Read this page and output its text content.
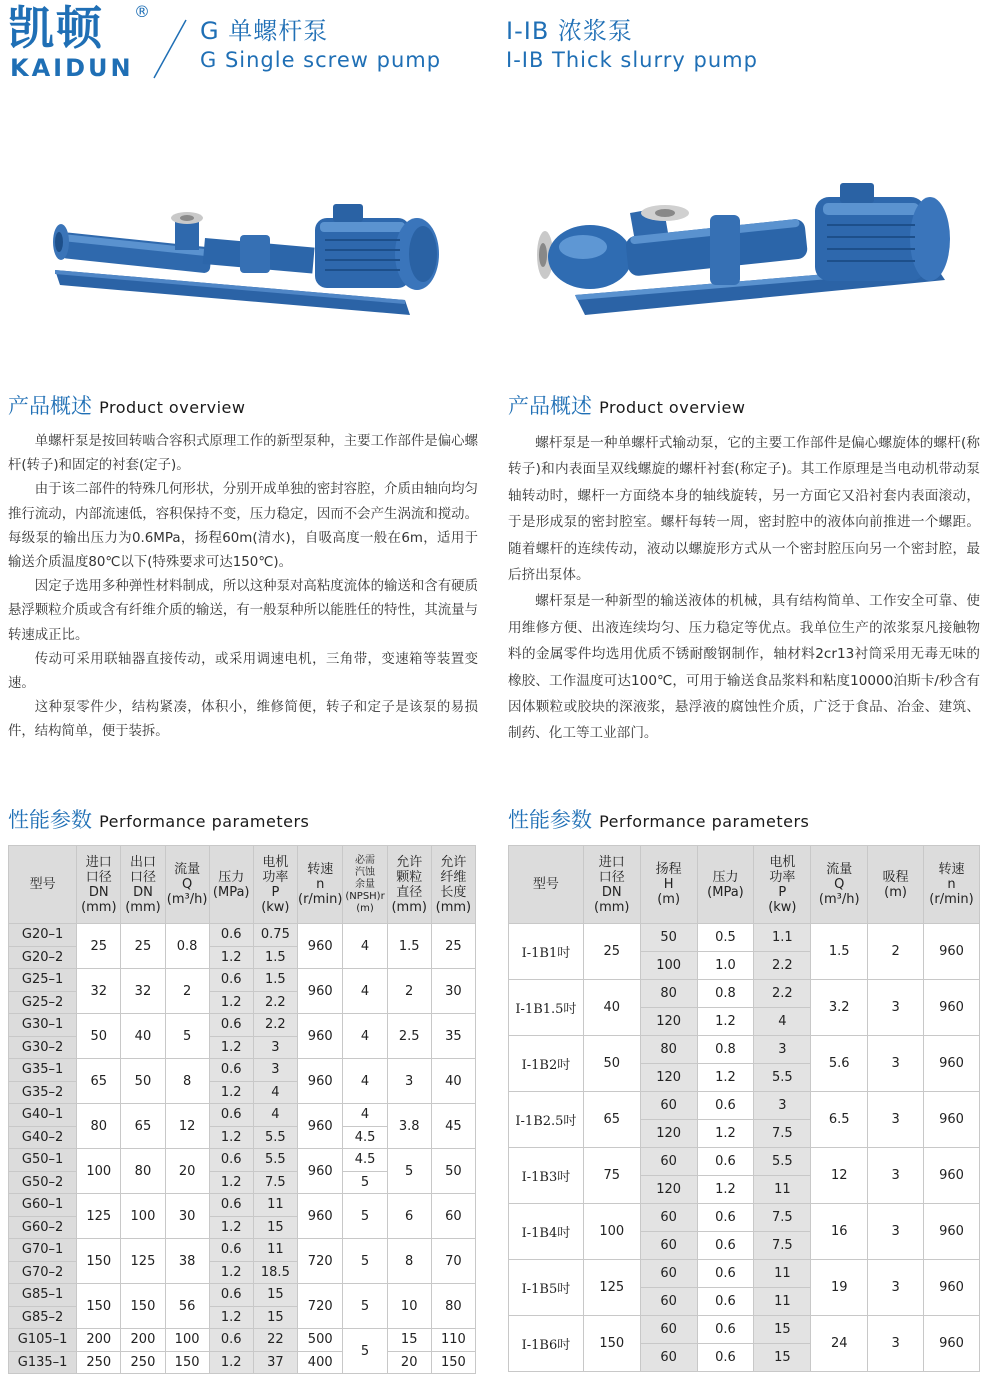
凯顿 ®
KAIDUN
G 单螺杆泵
G Single screw pump
I-IB 浓浆泵
I-IB Thick slurry pump
产品概述 Product overview	产品概述 Product overview

单螺杆泵是按回转啮合容积式原理工作的新型泵种，主要工作部件是偏心螺杆(转子)和固定的衬套(定子)。

由于该二部件的特殊几何形状，分别开成单独的密封容腔，介质由轴向均匀推行流动，内部流速低，容积保持不变，压力稳定，因而不会产生涡流和搅动。每级泵的输出压力为0.6MPa，扬程60m(清水)，自吸高度一般在6m，适用于输送介质温度80℃以下(特殊要求可达150℃)。

因定子选用多种弹性材料制成，所以这种泵对高粘度流体的输送和含有硬质悬浮颗粒介质或含有纤维介质的输送，有一般泵种所以能胜任的特性，其流量与转速成正比。

传动可采用联轴器直接传动，或采用调速电机，三角带，变速箱等装置变速。

这种泵零件少，结构紧凑，体积小，维修简便，转子和定子是该泵的易损件，结构简单，便于装拆。

螺杆泵是一种单螺杆式输动泵，它的主要工作部件是偏心螺旋体的螺杆(称转子)和内表面呈双线螺旋的螺杆衬套(称定子)。其工作原理是当电动机带动泵轴转动时，螺杆一方面绕本身的轴线旋转，另一方面它又沿衬套内表面滚动，于是形成泵的密封腔室。螺杆每转一周，密封腔中的液体向前推进一个螺距。随着螺杆的连续传动，液动以螺旋形方式从一个密封腔压向另一个密封腔，最后挤出泵体。

螺杆泵是一种新型的输送液体的机械，具有结构简单、工作安全可靠、使用维修方便、出液连续均匀、压力稳定等优点。我单位生产的浓浆泵凡接触物料的金属零件均选用优质不锈耐酸钢制作，轴材料2cr13衬筒采用无毒无味的橡胶、工作温度可达100℃，可用于输送食品浆料和粘度10000泊斯卡/秒含有因体颗粒或胶块的深液浆，悬浮液的腐蚀性介质，广泛于食品、冶金、建筑、制药、化工等工业部门。

性能参数 Performance parameters	性能参数 Performance parameters
型号	进口
口径
DN
(mm)	出口
口径
DN
(mm)	流量
Q
(m³/h)	压力
(MPa)	电机
功率
P
(kw)	转速
n
(r/min)	必需
汽蚀
余量
(NPSH)r
(m)	允许
颗粒
直径
(mm)	允许
纤维
长度
(mm)
G20–1	25	25	0.8	0.6	0.75	960	4	1.5	25
G20–2				1.2	1.5				
G25–1	32	32	2	0.6	1.5	960	4	2	30
G25–2				1.2	2.2				
G30–1	50	40	5	0.6	2.2	960	4	2.5	35
G30–2				1.2	3				
G35–1	65	50	8	0.6	3	960	4	3	40
G35–2				1.2	4				
G40–1	80	65	12	0.6	4	960	4	3.8	45
G40–2				1.2	5.5		4.5		
G50–1	100	80	20	0.6	5.5	960	4.5	5	50
G50–2				1.2	7.5		5		
G60–1	125	100	30	0.6	11	960	5	6	60
G60–2				1.2	15				
G70–1	150	125	38	0.6	11	720	5	8	70
G70–2				1.2	18.5				
G85–1	150	150	56	0.6	15	720	5	10	80
G85–2				1.2	15				
G105–1	200	200	100	0.6	22	500	5	15	110
G135–1	250	250	150	1.2	37	400		20	150
型号	进口
口径
DN
(mm)	扬程
H
(m)	压力
(MPa)	电机
功率
P
(kw)	流量
Q
(m³/h)	吸程
(m)	转速
n
(r/min)
I-1B1吋	25	50	0.5	1.1	1.5	2	960
		100	1.0	2.2			
I-1B1.5吋	40	80	0.8	2.2	3.2	3	960
		120	1.2	4			
I-1B2吋	50	80	0.8	3	5.6	3	960
		120	1.2	5.5			
I-1B2.5吋	65	60	0.6	3	6.5	3	960
		120	1.2	7.5			
I-1B3吋	75	60	0.6	5.5	12	3	960
		120	1.2	11			
I-1B4吋	100	60	0.6	7.5	16	3	960
		60	0.6	7.5			
I-1B5吋	125	60	0.6	11	19	3	960
		60	0.6	11			
I-1B6吋	150	60	0.6	15	24	3	960
		60	0.6	15			
